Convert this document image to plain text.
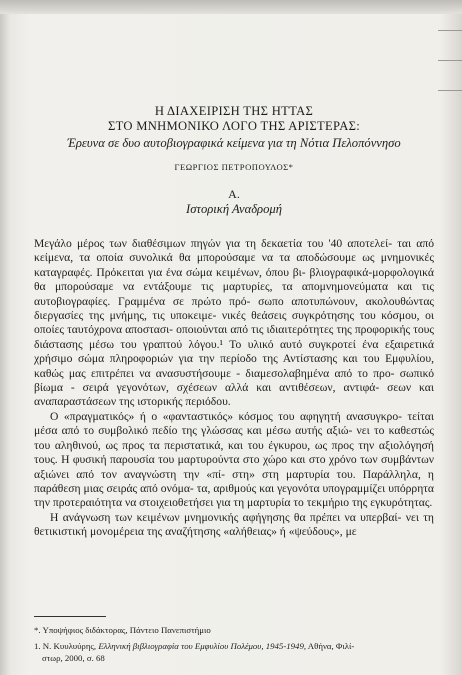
Η ΔΙΑΧΕΙΡΙΣΗ ΤΗΣ ΗΤΤΑΣ
ΣΤΟ ΜΝΗΜΟΝΙΚΟ ΛΟΓΟ ΤΗΣ ΑΡΙΣΤΕΡΑΣ:
Έρευνα σε δυο αυτοβιογραφικά κείμενα για τη Νότια Πελοπόννησο
ΓΕΩΡΓΙΟΣ ΠΕΤΡΟΠΟΥΛΟΣ*
Α.
Ιστορική Αναδρομή

Μεγάλο μέρος των διαθέσιμων πηγών για τη δεκαετία του '40 αποτελεί- ται από κείμενα, τα οποία συνολικά θα μπορούσαμε να τα αποδώσουμε ως μνημονικές καταγραφές. Πρόκειται για ένα σώμα κειμένων, όπου βι- βλιογραφικά-μορφολογικά θα μπορούσαμε να εντάξουμε τις μαρτυρίες, τα απομνημονεύματα και τις αυτοβιογραφίες. Γραμμένα σε πρώτο πρό- σωπο αποτυπώνουν, ακολουθώντας διεργασίες της μνήμης, τις υποκειμε- νικές θεάσεις συγκρότησης του κόσμου, οι οποίες ταυτόχρονα αποστασι- οποιούνται από τις ιδιαιτερότητες της προφορικής τους διάστασης μέσω του γραπτού λόγου.¹ Το υλικό αυτό συγκροτεί ένα εξαιρετικά χρήσιμο σώμα πληροφοριών για την περίοδο της Αντίστασης και του Εμφυλίου, καθώς μας επιτρέπει να ανασυστήσουμε - διαμεσολαβημένα από το προ- σωπικό βίωμα - σειρά γεγονότων, σχέσεων αλλά και αντιθέσεων, αντιφά- σεων και αναπαραστάσεων της ιστορικής περιόδου.

Ο «πραγματικός» ή ο «φανταστικός» κόσμος του αφηγητή ανασυγκρο- τείται μέσα από το συμβολικό πεδίο της γλώσσας και μέσω αυτής αξιώ- νει το καθεστώς του αληθινού, ως προς τα περιστατικά, και του έγκυρου, ως προς την αξιολόγησή τους. Η φυσική παρουσία του μαρτυρούντα στο χώρο και στο χρόνο των συμβάντων αξιώνει από τον αναγνώστη την «πί- στη» στη μαρτυρία του. Παράλληλα, η παράθεση μιας σειράς από ονόμα- τα, αριθμούς και γεγονότα υπογραμμίζει υπόρρητα την προτεραιότητα να στοιχειοθετήσει για τη μαρτυρία το τεκμήριο της εγκυρότητας.

Η ανάγνωση των κειμένων μνημονικής αφήγησης θα πρέπει να υπερβαί- νει τη θετικιστική μονομέρεια της αναζήτησης «αλήθειας» ή «ψεύδους», με

*. Υποψήφιος διδάκτορας, Πάντειο Πανεπιστήμιο

1. Ν. Κυυλυύρης, Ελληνική βιβλιογραφία του Εμφυλίου Πολέμου, 1945-1949, Αθήνα, Φιλί-
στωρ, 2000, σ. 68
